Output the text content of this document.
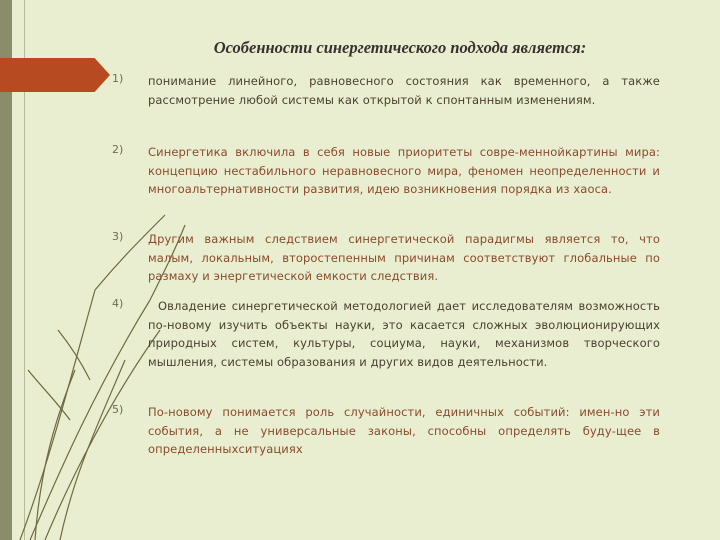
Особенности синергетического подхода является:
1) понимание линейного, равновесного состояния как временного, а также рассмотрение любой системы как открытой к спонтанным изменениям.
2) Синергетика включила в себя новые приоритеты совре-меннойкартины мира: концепцию нестабильного неравновесного мира, феномен неопределенности и многоальтернативности развития, идею возникновения порядка из хаоса.
3) Другим важным следствием синергетической парадигмы является то, что малым, локальным, второстепенным причинам соответствуют глобальные по размаху и энергетической емкости следствия.
4)	Овладение синергетической методологией дает исследователям возможность по-новому изучить объекты науки, это касается сложных эволюционирующих природных систем, культуры, социума, науки, механизмов творческого мышления, системы образования и других видов деятельности.
5) По-новому понимается роль случайности, единичных событий: имен-но эти события, а не универсальные законы, способны определять буду-щее в определенныхситуациях
